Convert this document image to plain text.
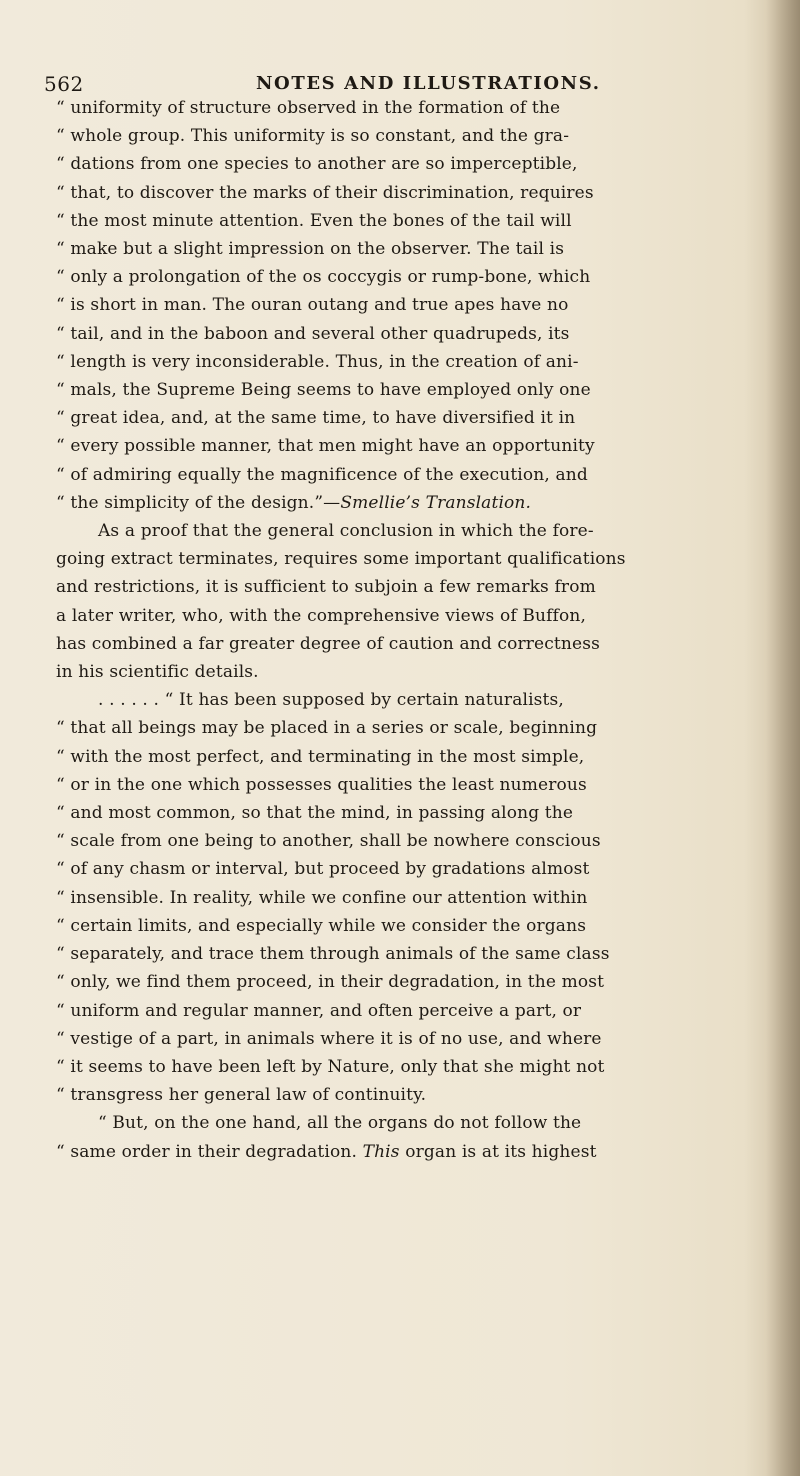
562	NOTES AND ILLUSTRATIONS.
“ uniformity of structure observed in the formation of the
“ whole group. This uniformity is so constant, and the gra-
“ dations from one species to another are so imperceptible,
“ that, to discover the marks of their discrimination, requires
“ the most minute attention. Even the bones of the tail will
“ make but a slight impression on the observer. The tail is
“ only a prolongation of the os coccygis or rump-bone, which
“ is short in man. The ouran outang and true apes have no
“ tail, and in the baboon and several other quadrupeds, its
“ length is very inconsiderable. Thus, in the creation of ani-
“ mals, the Supreme Being seems to have employed only one
“ great idea, and, at the same time, to have diversified it in
“ every possible manner, that men might have an opportunity
“ of admiring equally the magnificence of the execution, and
“ the simplicity of the design.”—Smellie’s Translation.
As a proof that the general conclusion in which the fore-
going extract terminates, requires some important qualifications
and restrictions, it is sufficient to subjoin a few remarks from
a later writer, who, with the comprehensive views of Buffon,
has combined a far greater degree of caution and correctness
in his scientific details.
. . . . . . “ It has been supposed by certain naturalists,
“ that all beings may be placed in a series or scale, beginning
“ with the most perfect, and terminating in the most simple,
“ or in the one which possesses qualities the least numerous
“ and most common, so that the mind, in passing along the
“ scale from one being to another, shall be nowhere conscious
“ of any chasm or interval, but proceed by gradations almost
“ insensible. In reality, while we confine our attention within
“ certain limits, and especially while we consider the organs
“ separately, and trace them through animals of the same class
“ only, we find them proceed, in their degradation, in the most
“ uniform and regular manner, and often perceive a part, or
“ vestige of a part, in animals where it is of no use, and where
“ it seems to have been left by Nature, only that she might not
“ transgress her general law of continuity.
“ But, on the one hand, all the organs do not follow the
“ same order in their degradation. This organ is at its highest
